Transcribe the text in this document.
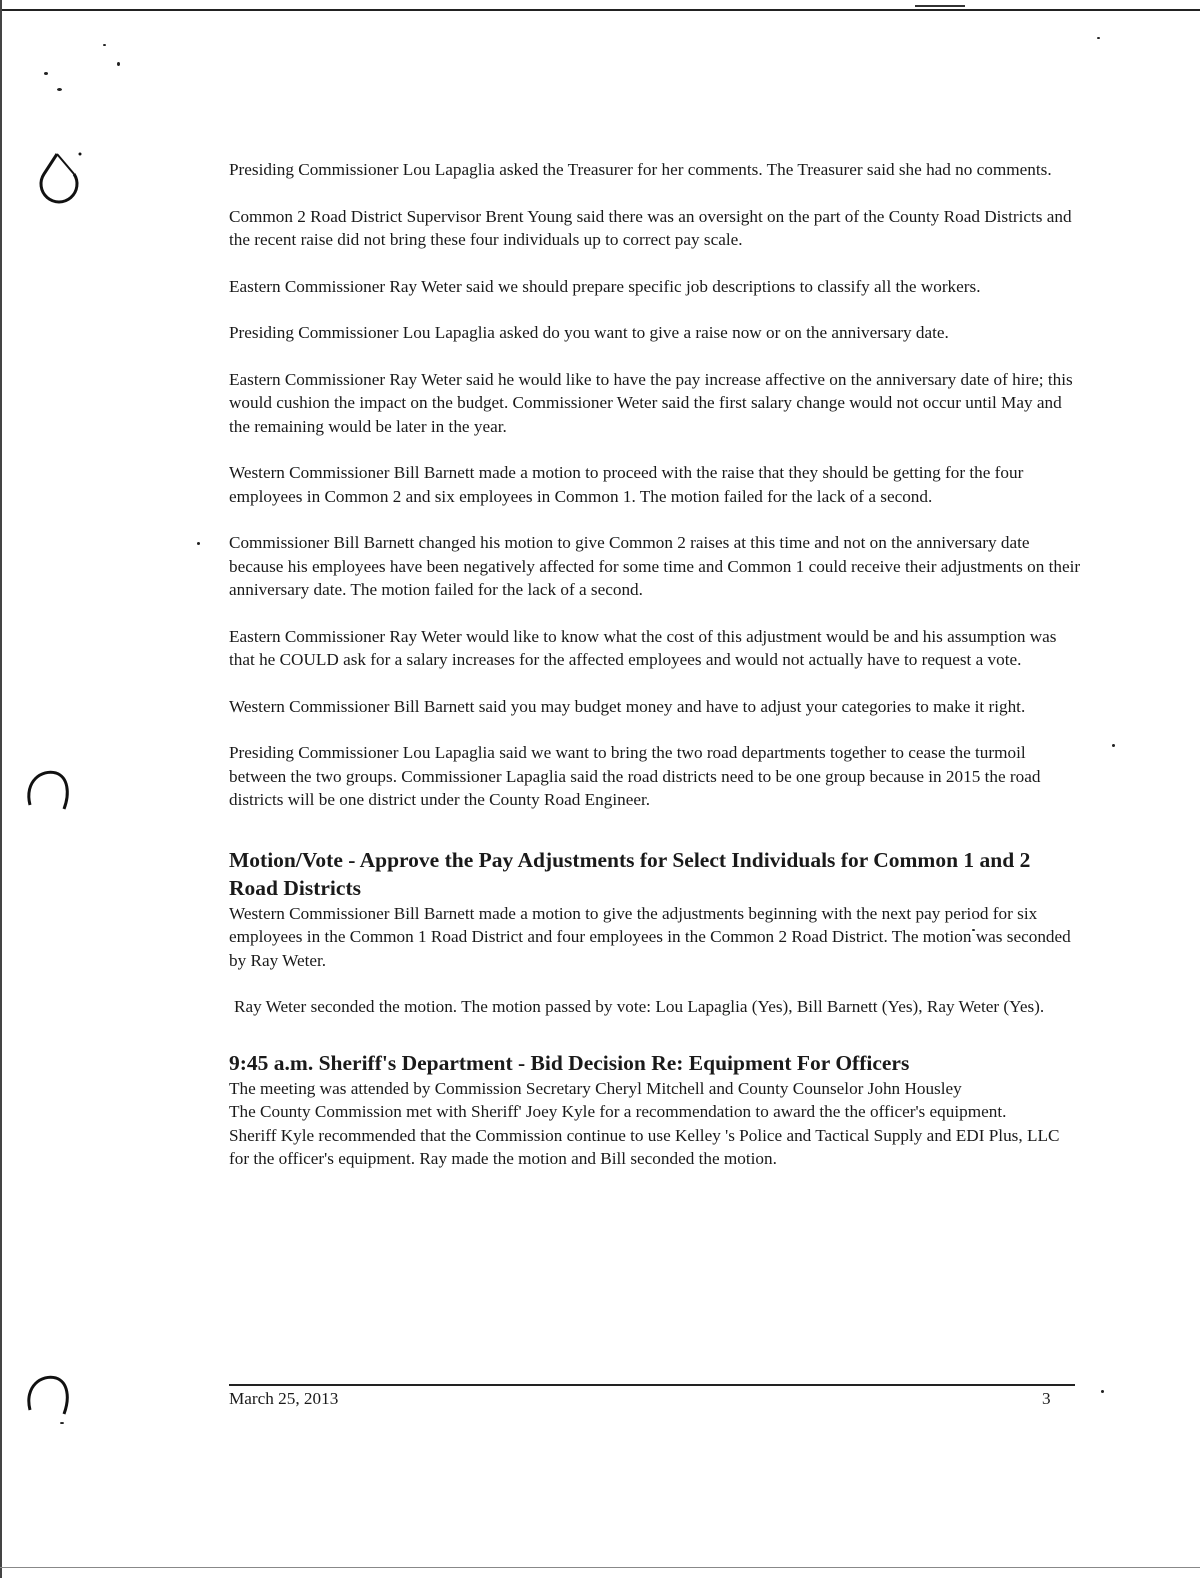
Presiding Commissioner Lou Lapaglia asked the Treasurer for her comments. The Treasurer said she had no comments.

Common 2 Road District Supervisor Brent Young said there was an oversight on the part of the County Road Districts and the recent raise did not bring these four individuals up to correct pay scale.

Eastern Commissioner Ray Weter said we should prepare specific job descriptions to classify all the workers.

Presiding Commissioner Lou Lapaglia asked do you want to give a raise now or on the anniversary date.

Eastern Commissioner Ray Weter said he would like to have the pay increase affective on the anniversary date of hire; this would cushion the impact on the budget. Commissioner Weter said the first salary change would not occur until May and the remaining would be later in the year.

Western Commissioner Bill Barnett made a motion to proceed with the raise that they should be getting for the four employees in Common 2 and six employees in Common 1. The motion failed for the lack of a second.

Commissioner Bill Barnett changed his motion to give Common 2 raises at this time and not on the anniversary date because his employees have been negatively affected for some time and Common 1 could receive their adjustments on their anniversary date. The motion failed for the lack of a second.

Eastern Commissioner Ray Weter would like to know what the cost of this adjustment would be and his assumption was that he COULD ask for a salary increases for the affected employees and would not actually have to request a vote.

Western Commissioner Bill Barnett said you may budget money and have to adjust your categories to make it right.

Presiding Commissioner Lou Lapaglia said we want to bring the two road departments together to cease the turmoil between the two groups. Commissioner Lapaglia said the road districts need to be one group because in 2015 the road districts will be one district under the County Road Engineer.

Motion/Vote - Approve the Pay Adjustments for Select Individuals for Common 1 and 2 Road Districts

Western Commissioner Bill Barnett made a motion to give the adjustments beginning with the next pay period for six employees in the Common 1 Road District and four employees in the Common 2 Road District. The motion was seconded by Ray Weter.

Ray Weter seconded the motion. The motion passed by vote: Lou Lapaglia (Yes), Bill Barnett (Yes), Ray Weter (Yes).

9:45 a.m. Sheriff's Department - Bid Decision Re: Equipment For Officers

The meeting was attended by Commission Secretary Cheryl Mitchell and County Counselor John Housley

The County Commission met with Sheriff' Joey Kyle for a recommendation to award the the officer's equipment.

Sheriff Kyle recommended that the Commission continue to use Kelley 's Police and Tactical Supply and EDI Plus, LLC for the officer's equipment. Ray made the motion and Bill seconded the motion.

March 25, 2013	3
